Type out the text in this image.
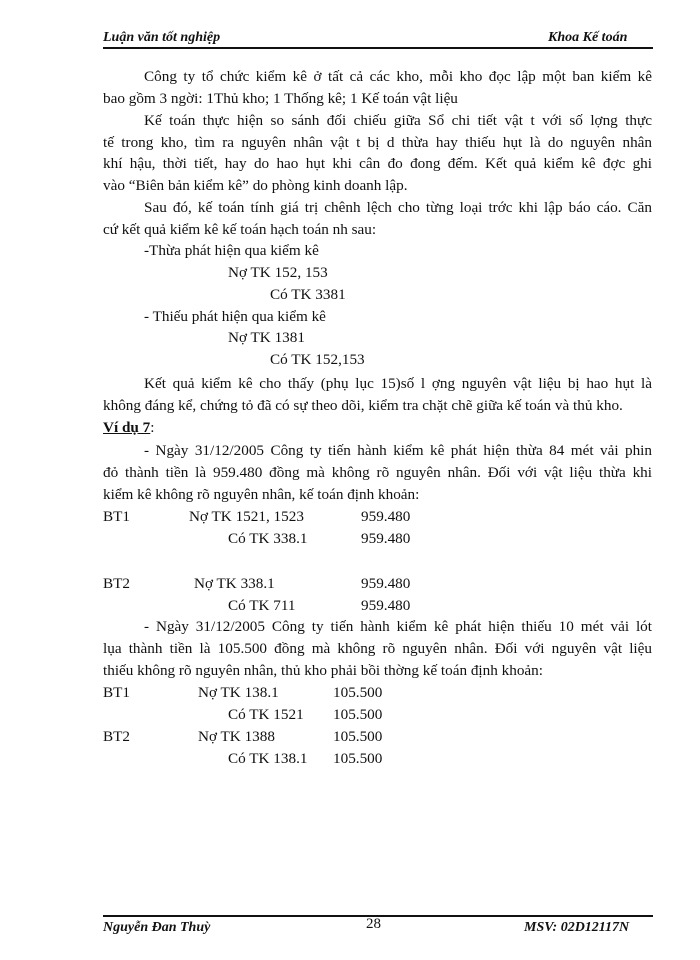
Luận văn tốt nghiệp	Khoa Kế toán
Công ty tổ chức kiểm kê ở tất cả các kho, mỗi kho đọc lập một ban kiểm kê
bao gồm 3 ngời: 1Thủ kho; 1 Thống kê; 1 Kế toán vật liệu
Kế toán thực hiện so sánh đối chiếu giữa Sổ chi tiết vật t với số lợng thực
tế trong kho, tìm ra nguyên nhân vật t bị d thừa hay thiếu hụt là do nguyên nhân
khí hậu, thời tiết, hay do hao hụt khi cân đo đong đếm. Kết quả kiểm kê đợc ghi
vào “Biên bản kiểm kê” do phòng kinh doanh lập.
Sau đó, kế toán tính giá trị chênh lệch cho từng loại trớc khi lập báo cáo. Căn
cứ kết quả kiểm kê kế toán hạch toán nh sau:
-Thừa phát hiện qua kiểm kê
Nợ TK 152, 153
Có TK 3381
- Thiếu phát hiện qua kiểm kê
Nợ TK 1381
Có TK 152,153
Kết quả kiểm kê cho thấy (phụ lục 15)số l ợng nguyên vật liệu bị hao hụt là
không đáng kể, chứng tỏ đã có sự theo dõi, kiểm tra chặt chẽ giữa kế toán và thủ kho.
Ví dụ 7:
- Ngày 31/12/2005 Công ty tiến hành kiểm kê phát hiện thừa 84 mét vải phin
đỏ thành tiền là 959.480 đồng mà không rõ nguyên nhân. Đối với vật liệu thừa khi
kiểm kê không rõ nguyên nhân, kế toán định khoản:
BT1	Nợ TK 1521, 1523	959.480
Có TK 338.1	959.480
BT2	Nợ TK 338.1	959.480
Có TK 711	959.480
- Ngày 31/12/2005 Công ty tiến hành kiểm kê phát hiện thiếu 10 mét vải lót
lụa thành tiền là 105.500 đồng mà không rõ nguyên nhân. Đối với nguyên vật liệu
thiếu không rõ nguyên nhân, thủ kho phải bồi thờng kế toán định khoản:
BT1	Nợ TK 138.1	105.500
Có TK 1521 105.500
BT2	Nợ TK 1388	105.500
Có TK 138.1 105.500
Nguyễn Đan Thuỳ	28	MSV: 02D12117N
